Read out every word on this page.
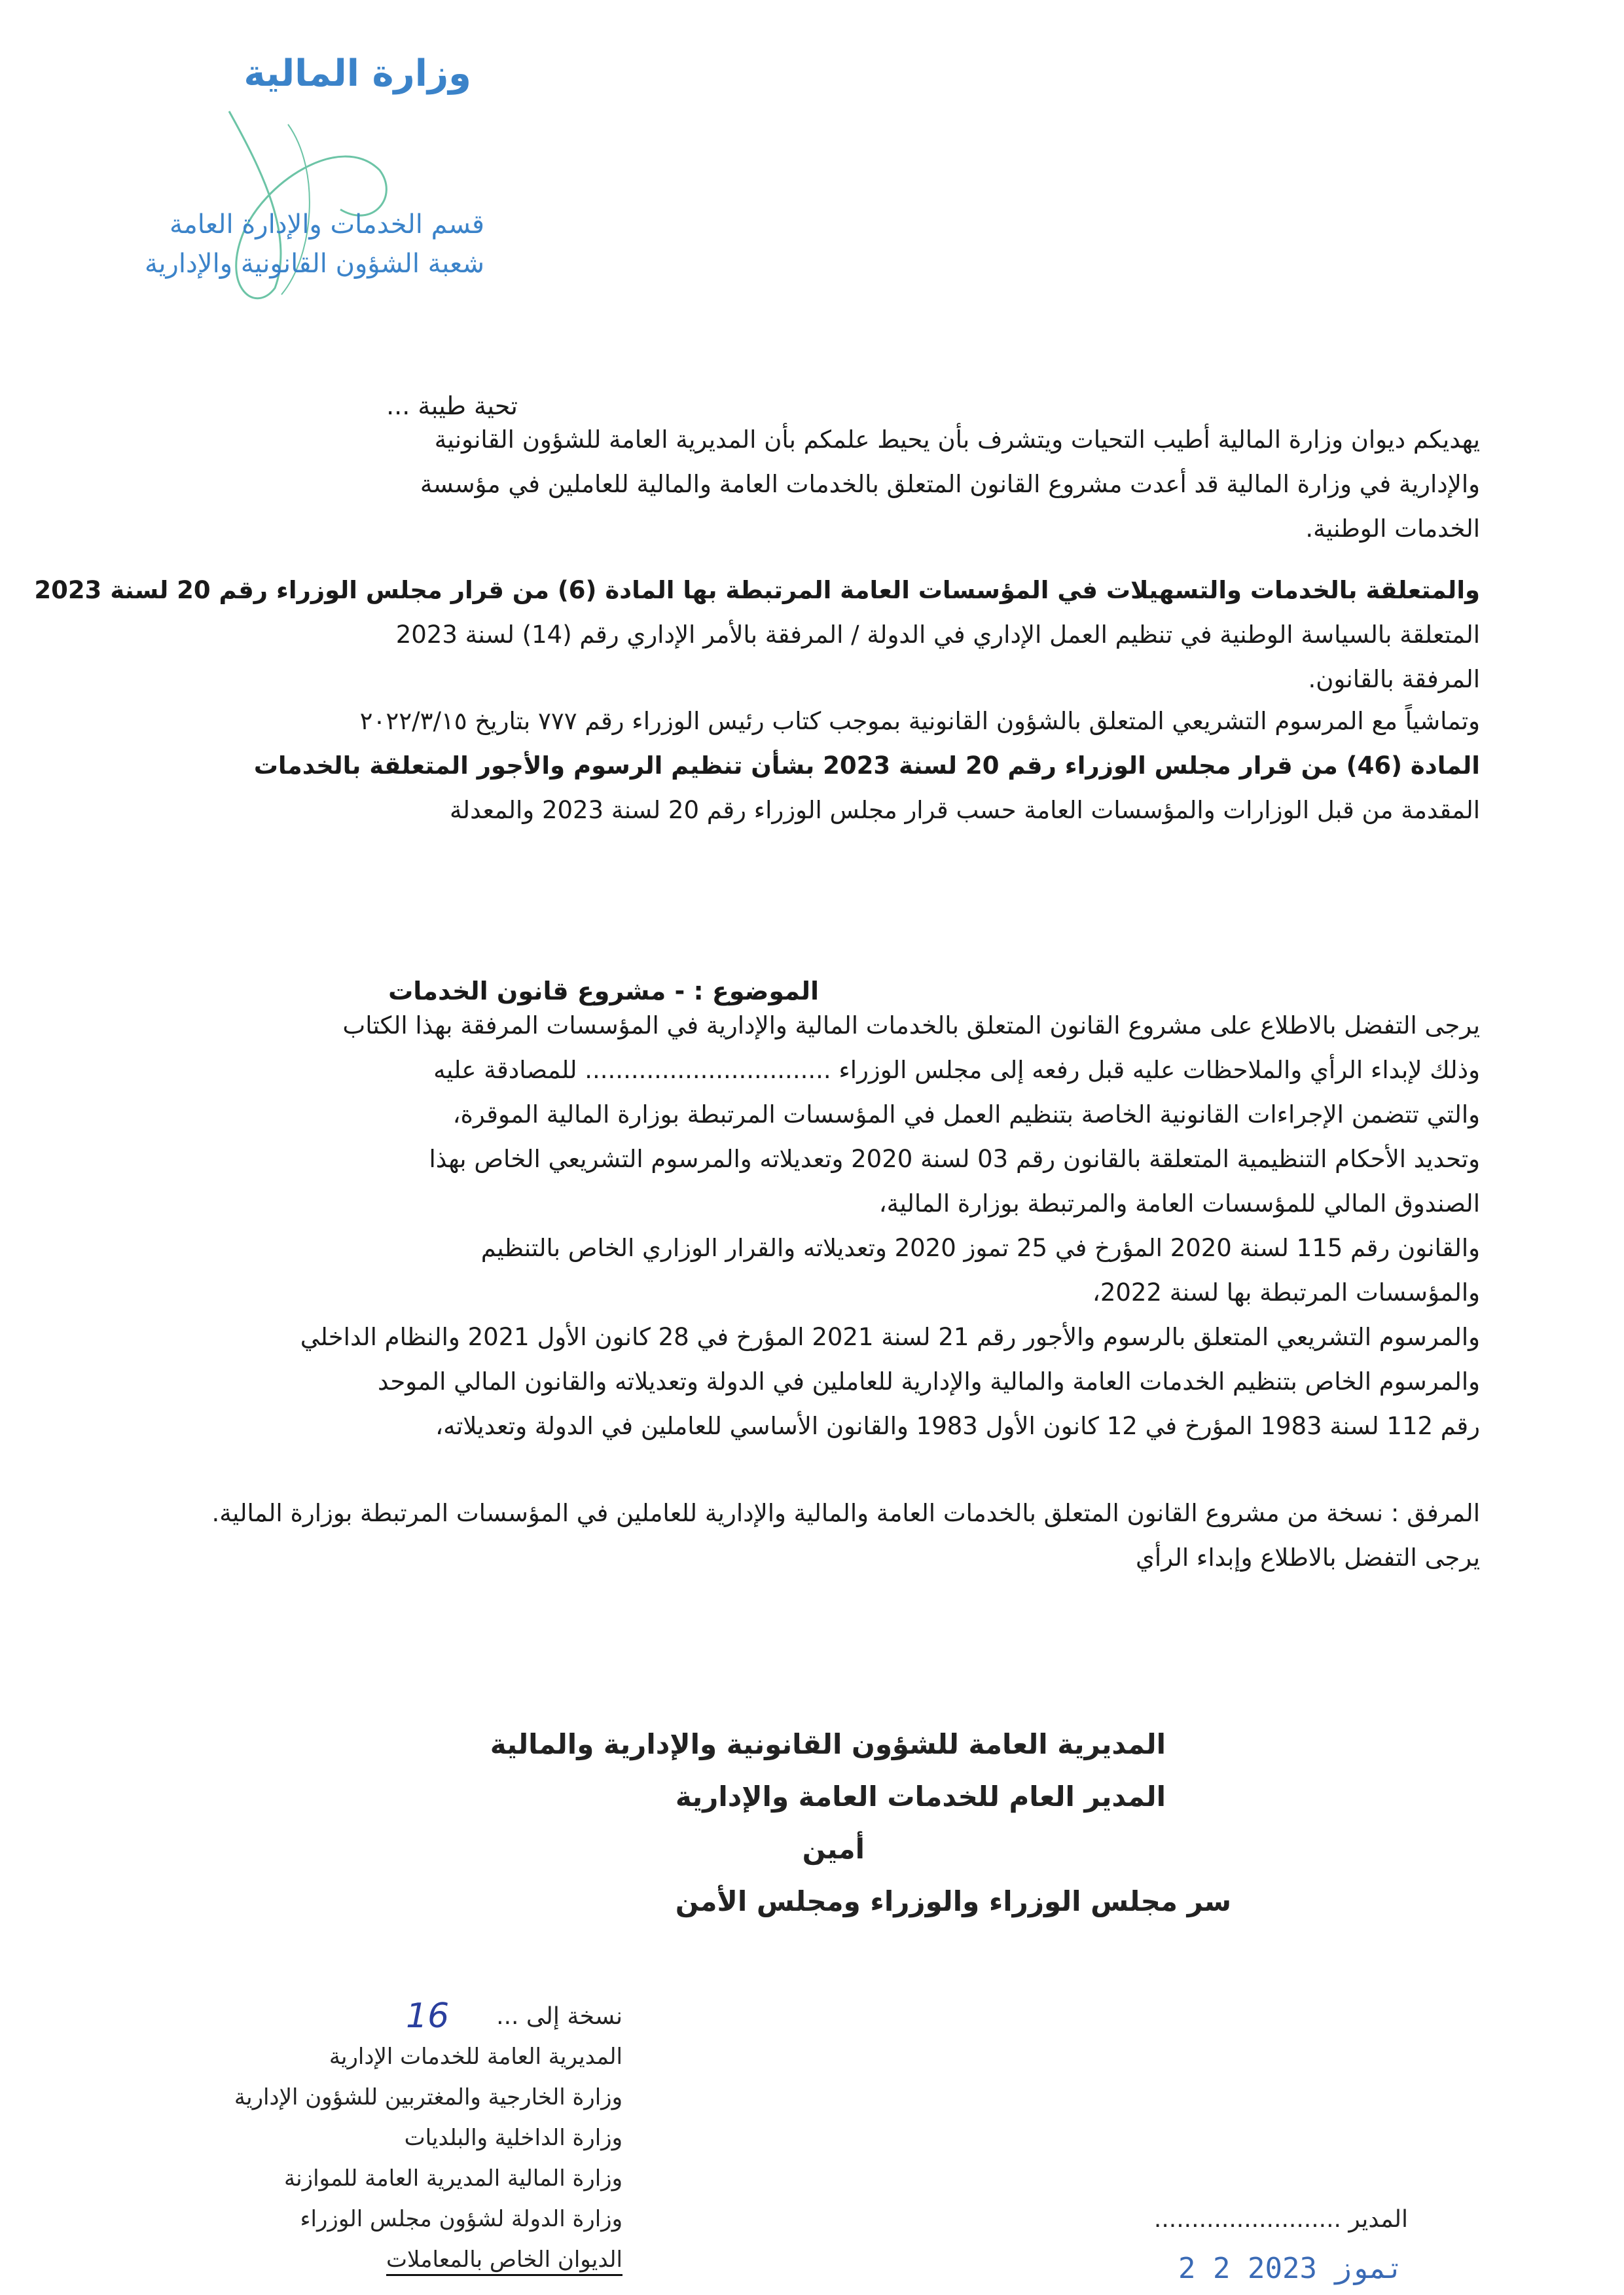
وزارة المالية
قسم الخدمات والإدارة العامة
شعبة الشؤون القانونية والإدارية
تحية طيبة ...
يهديكم ديوان وزارة المالية أطيب التحيات ويتشرف بأن يحيط علمكم بأن المديرية العامة للشؤون القانونية
والإدارية في وزارة المالية قد أعدت مشروع القانون المتعلق بالخدمات العامة والمالية للعاملين في مؤسسة
الخدمات الوطنية.
والمتعلقة بالخدمات والتسهيلات في المؤسسات العامة المرتبطة بها المادة (6) من قرار مجلس الوزراء رقم 20 لسنة 2023
المتعلقة بالسياسة الوطنية في تنظيم العمل الإداري في الدولة / المرفقة بالأمر الإداري رقم (14) لسنة 2023
المرفقة بالقانون.
وتماشياً مع المرسوم التشريعي المتعلق بالشؤون القانونية بموجب كتاب رئيس الوزراء رقم ٧٧٧ بتاريخ ٢٠٢٢/٣/١٥
المادة (46) من قرار مجلس الوزراء رقم 20 لسنة 2023 بشأن تنظيم الرسوم والأجور المتعلقة بالخدمات
المقدمة من قبل الوزارات والمؤسسات العامة حسب قرار مجلس الوزراء رقم 20 لسنة 2023 والمعدلة
الموضوع : - مشروع قانون الخدمات
يرجى التفضل بالاطلاع على مشروع القانون المتعلق بالخدمات المالية والإدارية في المؤسسات المرفقة بهذا الكتاب
وذلك لإبداء الرأي والملاحظات عليه قبل رفعه إلى مجلس الوزراء ................................ للمصادقة عليه
والتي تتضمن الإجراءات القانونية الخاصة بتنظيم العمل في المؤسسات المرتبطة بوزارة المالية الموقرة،
وتحديد الأحكام التنظيمية المتعلقة بالقانون رقم 03 لسنة 2020 وتعديلاته والمرسوم التشريعي الخاص بهذا
الصندوق المالي للمؤسسات العامة والمرتبطة بوزارة المالية،
والقانون رقم 115 لسنة 2020 المؤرخ في 25 تموز 2020 وتعديلاته والقرار الوزاري الخاص بالتنظيم
والمؤسسات المرتبطة بها لسنة 2022،
والمرسوم التشريعي المتعلق بالرسوم والأجور رقم 21 لسنة 2021 المؤرخ في 28 كانون الأول 2021 والنظام الداخلي
والمرسوم الخاص بتنظيم الخدمات العامة والمالية والإدارية للعاملين في الدولة وتعديلاته والقانون المالي الموحد
رقم 112 لسنة 1983 المؤرخ في 12 كانون الأول 1983 والقانون الأساسي للعاملين في الدولة وتعديلاته،
المرفق : نسخة من مشروع القانون المتعلق بالخدمات العامة والمالية والإدارية للعاملين في المؤسسات المرتبطة بوزارة المالية.
يرجى التفضل بالاطلاع وإبداء الرأي
المديرية العامة للشؤون القانونية والإدارية والمالية
المدير العام للخدمات العامة والإدارية
أمين
سر مجلس الوزراء والوزراء ومجلس الأمن
نسخة إلى ...
المديرية العامة للخدمات الإدارية
وزارة الخارجية والمغتربين للشؤون الإدارية
وزارة الداخلية والبلديات
وزارة المالية المديرية العامة للموازنة
وزارة الدولة لشؤون مجلس الوزراء
الديوان الخاص بالمعاملات
16
المدير .........................
2 2 تموز 2023
